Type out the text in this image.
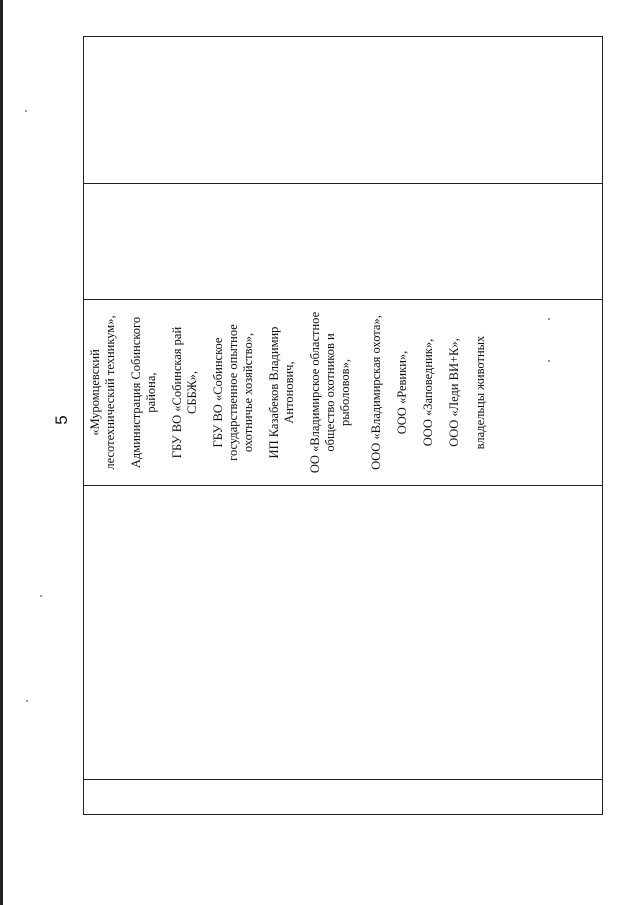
5
			«Муромцевский лесотехнический техникум», Администрация Собинского района, ГБУ ВО «Собинская рай СББЖ», ГБУ ВО «Собинское государственное опытное охотничье хозяйство», ИП Казабеков Владимир Антонович, ОО «Владимирское областное общество охотников и рыболовов», ООО «Владимирская охота», ООО «Ревики», ООО «Заповедник», ООО «Леди ВИ+К», владельцы животных
